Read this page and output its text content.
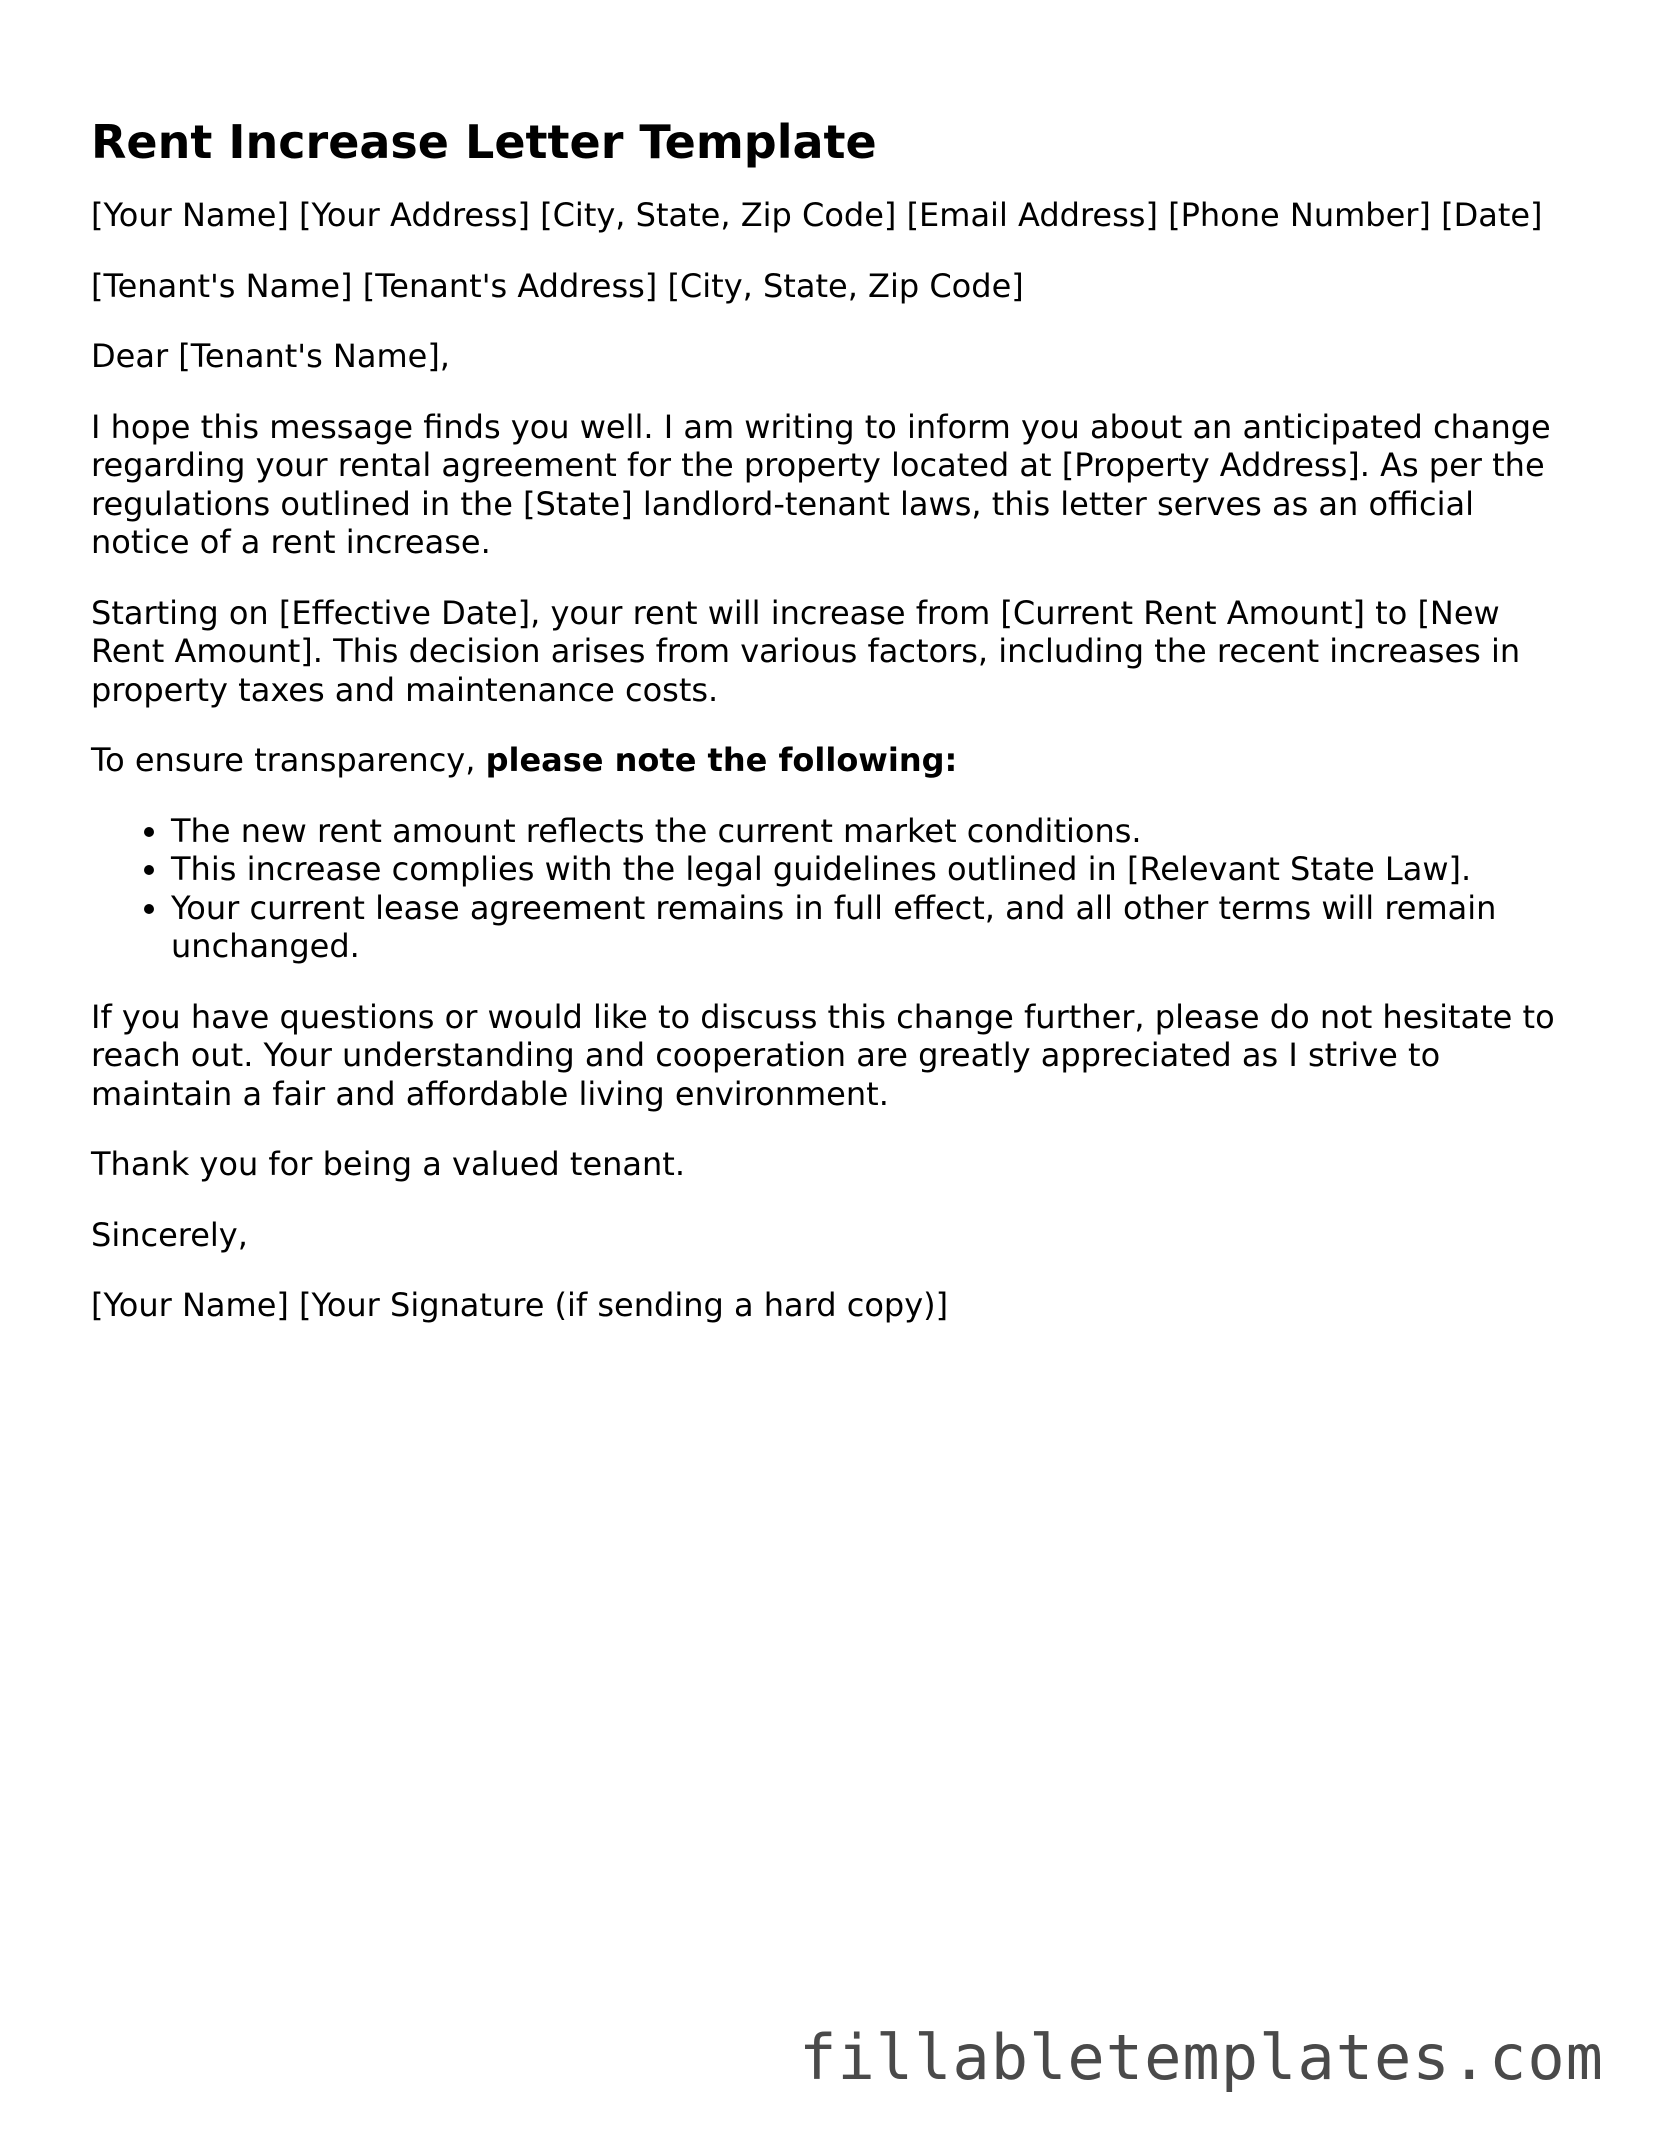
Rent Increase Letter Template

[Your Name] [Your Address] [City, State, Zip Code] [Email Address] [Phone Number] [Date]

[Tenant's Name] [Tenant's Address] [City, State, Zip Code]

Dear [Tenant's Name],

I hope this message finds you well. I am writing to inform you about an anticipated change regarding your rental agreement for the property located at [Property Address]. As per the regulations outlined in the [State] landlord-tenant laws, this letter serves as an official notice of a rent increase.

Starting on [Effective Date], your rent will increase from [Current Rent Amount] to [New Rent Amount]. This decision arises from various factors, including the recent increases in property taxes and maintenance costs.

To ensure transparency, please note the following:

• The new rent amount reflects the current market conditions.
• This increase complies with the legal guidelines outlined in [Relevant State Law].
• Your current lease agreement remains in full effect, and all other terms will remain unchanged.

If you have questions or would like to discuss this change further, please do not hesitate to reach out. Your understanding and cooperation are greatly appreciated as I strive to maintain a fair and affordable living environment.

Thank you for being a valued tenant.

Sincerely,

[Your Name] [Your Signature (if sending a hard copy)]

fillabletemplates.com
